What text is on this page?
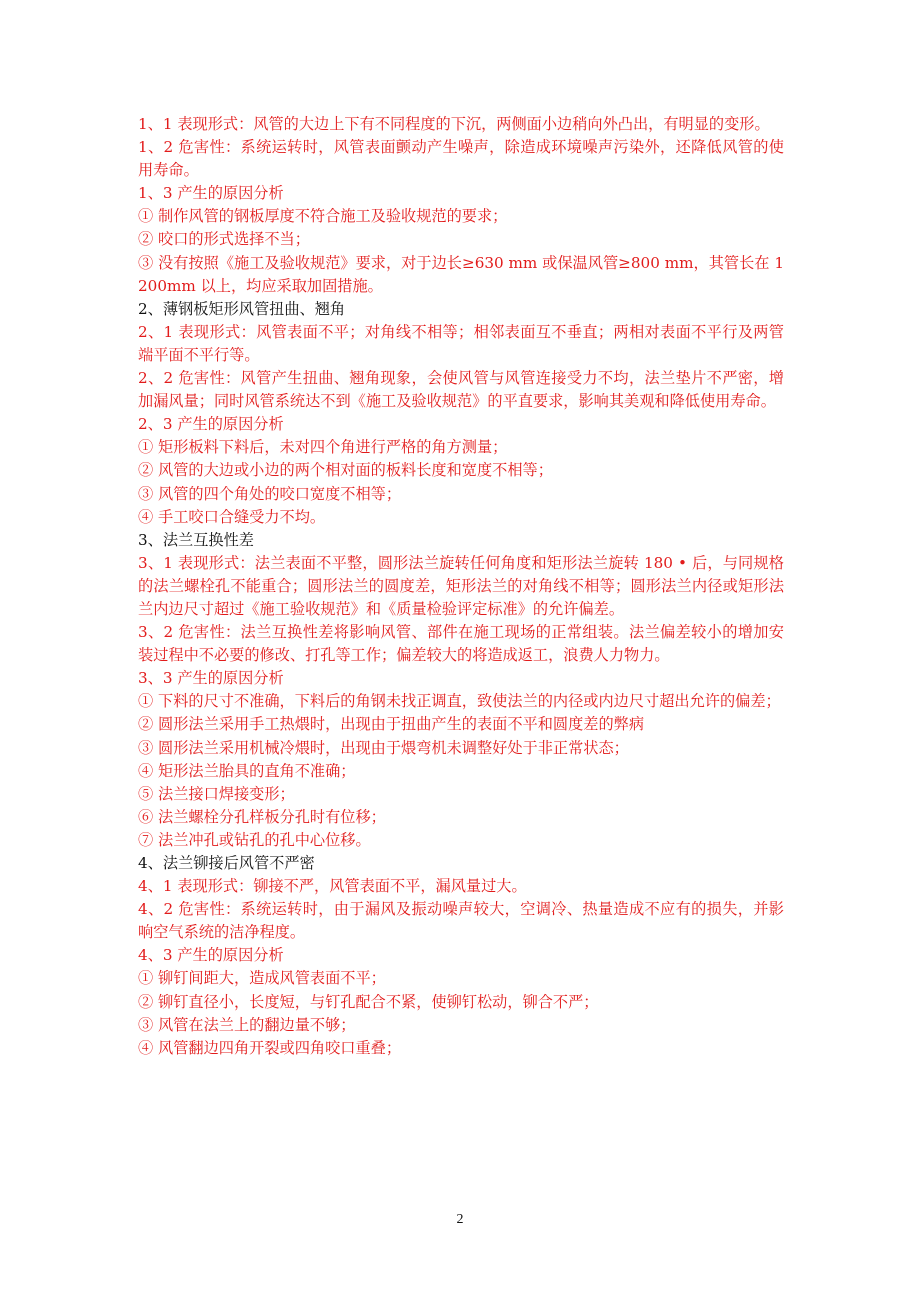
1、1 表现形式：风管的大边上下有不同程度的下沉，两侧面小边稍向外凸出，有明显的变形。

1、2 危害性：系统运转时，风管表面颤动产生噪声，除造成环境噪声污染外，还降低风管的使用寿命。

1、3 产生的原因分析

① 制作风管的钢板厚度不符合施工及验收规范的要求；

② 咬口的形式选择不当；

③ 没有按照《施工及验收规范》要求，对于边长≥630 mm 或保温风管≥800 mm，其管长在 1 200mm 以上，均应采取加固措施。

2、薄钢板矩形风管扭曲、翘角

2、1 表现形式：风管表面不平；对角线不相等；相邻表面互不垂直；两相对表面不平行及两管端平面不平行等。

2、2 危害性：风管产生扭曲、翘角现象，会使风管与风管连接受力不均，法兰垫片不严密，增加漏风量；同时风管系统达不到《施工及验收规范》的平直要求，影响其美观和降低使用寿命。

2、3 产生的原因分析

① 矩形板料下料后，未对四个角进行严格的角方测量；

② 风管的大边或小边的两个相对面的板料长度和宽度不相等；

③ 风管的四个角处的咬口宽度不相等；

④ 手工咬口合缝受力不均。

3、法兰互换性差

3、1 表现形式：法兰表面不平整，圆形法兰旋转任何角度和矩形法兰旋转 180 • 后，与同规格的法兰螺栓孔不能重合；圆形法兰的圆度差，矩形法兰的对角线不相等；圆形法兰内径或矩形法兰内边尺寸超过《施工验收规范》和《质量检验评定标准》的允许偏差。

3、2 危害性：法兰互换性差将影响风管、部件在施工现场的正常组装。法兰偏差较小的增加安装过程中不必要的修改、打孔等工作；偏差较大的将造成返工，浪费人力物力。

3、3 产生的原因分析

① 下料的尺寸不准确，下料后的角钢未找正调直，致使法兰的内径或内边尺寸超出允许的偏差；

② 圆形法兰采用手工热煨时，出现由于扭曲产生的表面不平和圆度差的弊病

③ 圆形法兰采用机械冷煨时，出现由于煨弯机未调整好处于非正常状态；

④ 矩形法兰胎具的直角不准确；

⑤ 法兰接口焊接变形；

⑥ 法兰螺栓分孔样板分孔时有位移；

⑦ 法兰冲孔或钻孔的孔中心位移。

4、法兰铆接后风管不严密

4、1 表现形式：铆接不严，风管表面不平，漏风量过大。

4、2 危害性：系统运转时，由于漏风及振动噪声较大，空调冷、热量造成不应有的损失，并影响空气系统的洁净程度。

4、3 产生的原因分析

① 铆钉间距大，造成风管表面不平；

② 铆钉直径小，长度短，与钉孔配合不紧，使铆钉松动，铆合不严；

③ 风管在法兰上的翻边量不够；

④ 风管翻边四角开裂或四角咬口重叠；

2
